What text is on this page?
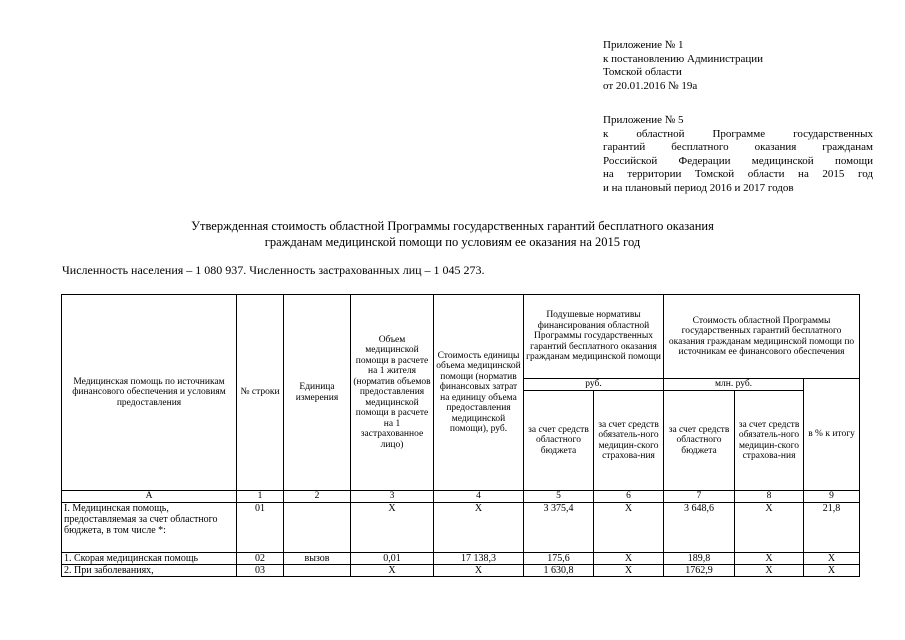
Приложение № 1
к постановлению Администрации
Томской области
от 20.01.2016 № 19а
Приложение № 5
к областной Программе государственных
гарантий бесплатного оказания гражданам
Российской Федерации медицинской помощи
на территории Томской области на 2015 год
и на плановый период 2016 и 2017 годов
Утвержденная стоимость областной Программы государственных гарантий бесплатного оказания
гражданам медицинской помощи по условиям ее оказания на 2015 год
Численность населения – 1 080 937. Численность застрахованных лиц – 1 045 273.
Медицинская помощь по источникам финансового обеспечения и условиям предоставления	№ строки	Единица измерения	Объем медицинской помощи в расчете на 1 жителя (норматив объемов предоставления медицинской помощи в расчете на 1 застрахованное лицо)	Стоимость единицы объема медицинской помощи (норматив финансовых затрат на единицу объема предоставления медицинской помощи), руб.	Подушевые нормативы финансирования областной Программы государственных гарантий бесплатного оказания гражданам медицинской помощи		Стоимость областной Программы государственных гарантий бесплатного оказания гражданам медицинской помощи по источникам ее финансового обеспечения		
					руб.		млн. руб.		в % к итогу
					за счет средств областного бюджета	за счет средств обязатель-ного медицин-ского страхова-ния	за счет средств областного бюджета	за счет средств обязатель-ного медицин-ского страхова-ния	
А	1	2	3	4	5	6	7	8	9
I. Медицинская помощь, предоставляемая за счет областного бюджета, в том числе *:	01		Х	Х	3 375,4	Х	3 648,6	Х	21,8
1. Скорая медицинская помощь	02	вызов	0,01	17 138,3	175,6	Х	189,8	Х	Х
2. При заболеваниях,	03		Х	Х	1 630,8	Х	1762,9	Х	Х
